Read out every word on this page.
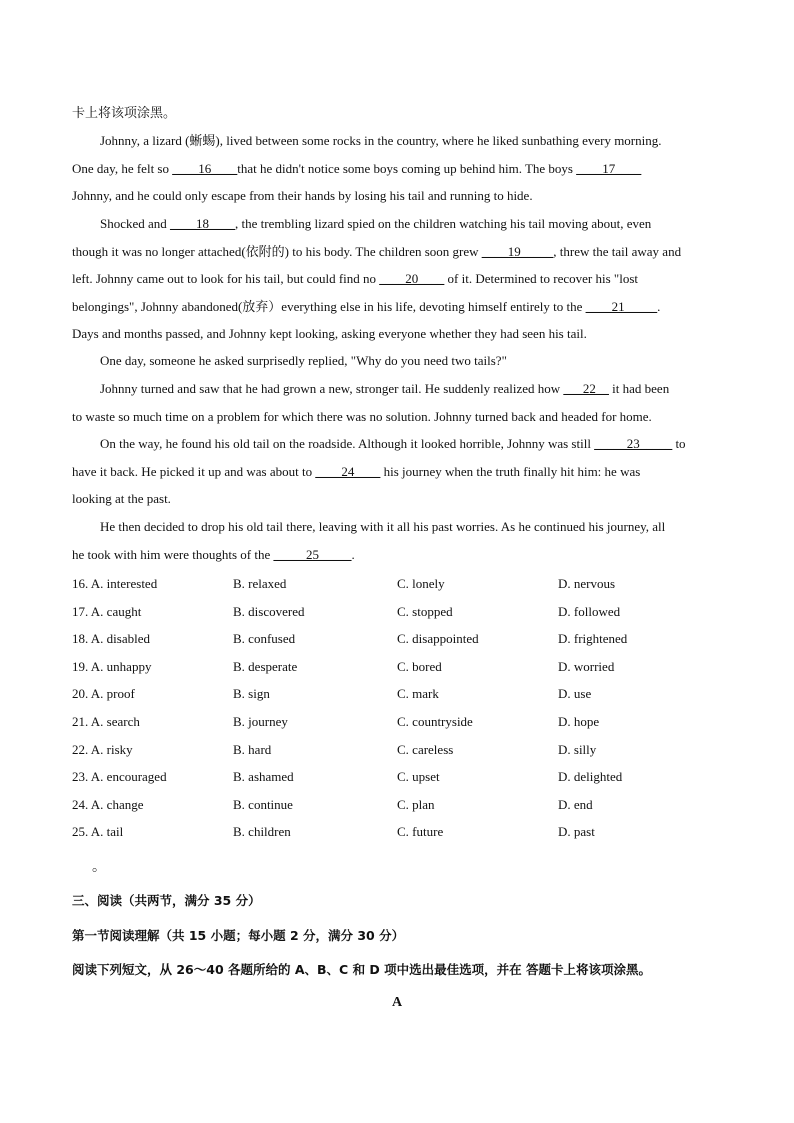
卡上将该项涂黑。
Johnny, a lizard (蜥蜴), lived between some rocks in the country, where he liked sunbathing every morning.
One day, he felt so ____16____that he didn't notice some boys coming up behind him. The boys ____17____
Johnny, and he could only escape from their hands by losing his tail and running to hide.
Shocked and ____18____, the trembling lizard spied on the children watching his tail moving about, even
though it was no longer attached(依附的) to his body. The children soon grew ____19_____, threw the tail away and
left. Johnny came out to look for his tail, but could find no ____20____ of it. Determined to recover his "lost
belongings", Johnny abandoned(放弃）everything else in his life, devoting himself entirely to the ____21_____.
Days and months passed, and Johnny kept looking, asking everyone whether they had seen his tail.
One day, someone he asked surprisedly replied, "Why do you need two tails?"
Johnny turned and saw that he had grown a new, stronger tail. He suddenly realized how ___22__ it had been
to waste so much time on a problem for which there was no solution. Johnny turned back and headed for home.
On the way, he found his old tail on the roadside. Although it looked horrible, Johnny was still _____23_____ to
have it back. He picked it up and was about to ____24____ his journey when the truth finally hit him: he was
looking at the past.
He then decided to drop his old tail there, leaving with it all his past worries. As he continued his journey, all
he took with him were thoughts of the _____25_____.
16. A. interested	B. relaxed	C. lonely	D. nervous
17. A. caught	B. discovered	C. stopped	D. followed
18. A. disabled	B. confused	C. disappointed	D. frightened
19. A. unhappy	B. desperate	C. bored	D. worried
20. A. proof	B. sign	C. mark	D. use
21. A. search	B. journey	C. countryside	D. hope
22. A. risky	B. hard	C. careless	D. silly
23. A. encouraged	B. ashamed	C. upset	D. delighted
24. A. change	B. continue	C. plan	D. end
25. A. tail	B. children	C. future	D. past
。
三、阅读（共两节，满分 35 分）
第一节阅读理解（共 15 小题；每小题 2 分，满分 30 分）
阅读下列短文，从 26～40 各题所给的 A、B、C 和 D 项中选出最佳选项，并在 答题卡上将该项涂黑。
A
